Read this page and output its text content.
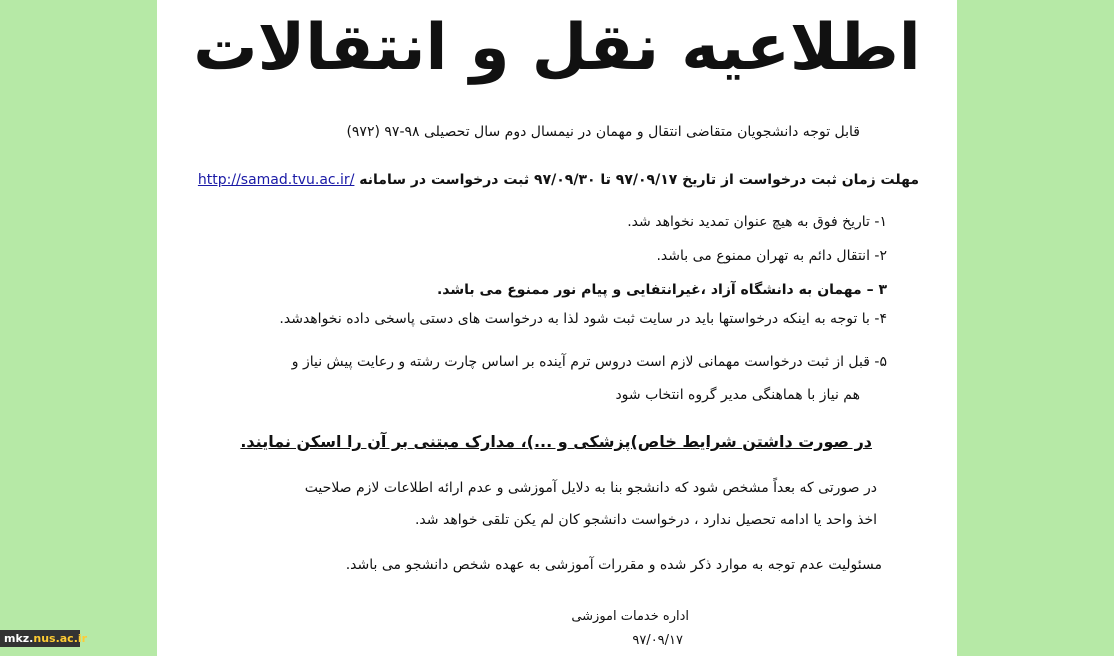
اطلاعیه نقل و انتقالات
قابل توجه دانشجویان متقاضی انتقال و مهمان در نیمسال دوم سال تحصیلی ۹۸-۹۷ (۹۷۲)
مهلت زمان ثبت درخواست از تاریخ ۹۷/۰۹/۱۷ تا ۹۷/۰۹/۳۰ ثبت درخواست در سامانه http://samad.tvu.ac.ir/
۱- تاریخ فوق به هیچ عنوان تمدید نخواهد شد.
۲- انتقال دائم به تهران ممنوع می باشد.
۳ – مهمان به دانشگاه آزاد ،غیرانتفایی و پیام نور ممنوع می باشد.
۴- با توجه به اینکه درخواستها باید در سایت ثبت شود لذا به درخواست های دستی پاسخی داده نخواهدشد.
۵- قبل از ثبت درخواست مهمانی لازم است دروس ترم آینده بر اساس چارت رشته و رعایت پیش نیاز و
هم نیاز با هماهنگی مدیر گروه انتخاب شود
در صورت داشتن شرایط خاص)پزشکی و ...)، مدارک مبتنی بر آن را اسکن نمایند.
در صورتی که بعداً مشخص شود که دانشجو بنا به دلایل آموزشی و عدم ارائه اطلاعات لازم صلاحیت
اخذ واحد یا ادامه تحصیل ندارد ، درخواست دانشجو کان لم یکن تلقی خواهد شد.
مسئولیت عدم توجه به موارد ذکر شده و مقررات آموزشی به عهده شخص دانشجو می باشد.
اداره خدمات اموزشی
۹۷/۰۹/۱۷
mkz.nus.ac.ir
